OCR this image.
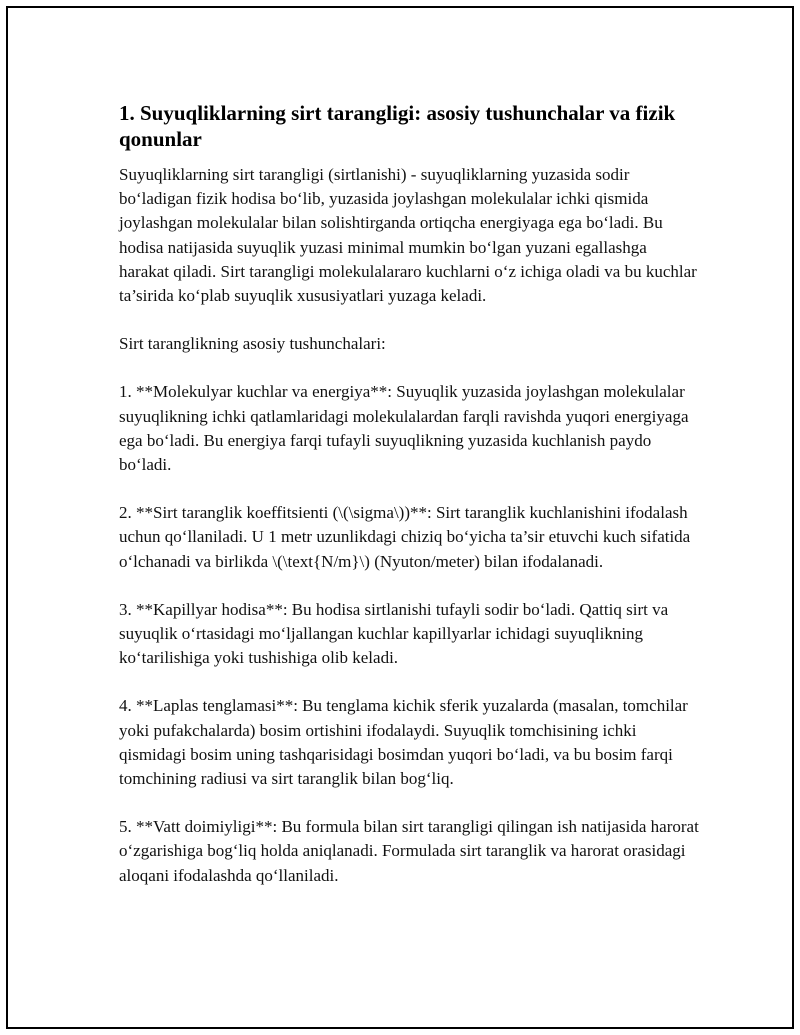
1. Suyuqliklarning sirt tarangligi: asosiy tushunchalar va fizik qonunlar

Suyuqliklarning sirt tarangligi (sirtlanishi) - suyuqliklarning yuzasida sodir bo‘ladigan fizik hodisa bo‘lib, yuzasida joylashgan molekulalar ichki qismida joylashgan molekulalar bilan solishtirganda ortiqcha energiyaga ega bo‘ladi. Bu hodisa natijasida suyuqlik yuzasi minimal mumkin bo‘lgan yuzani egallashga harakat qiladi. Sirt tarangligi molekulalararo kuchlarni o‘z ichiga oladi va bu kuchlar ta’sirida ko‘plab suyuqlik xususiyatlari yuzaga keladi.

Sirt taranglikning asosiy tushunchalari:

1. **Molekulyar kuchlar va energiya**: Suyuqlik yuzasida joylashgan molekulalar suyuqlikning ichki qatlamlaridagi molekulalardan farqli ravishda yuqori energiyaga ega bo‘ladi. Bu energiya farqi tufayli suyuqlikning yuzasida kuchlanish paydo bo‘ladi.

2. **Sirt taranglik koeffitsienti (\(\sigma\))**: Sirt taranglik kuchlanishini ifodalash uchun qo‘llaniladi. U 1 metr uzunlikdagi chiziq bo‘yicha ta’sir etuvchi kuch sifatida o‘lchanadi va birlikda \(\text{N/m}\) (Nyuton/meter) bilan ifodalanadi.

3. **Kapillyar hodisa**: Bu hodisa sirtlanishi tufayli sodir bo‘ladi. Qattiq sirt va suyuqlik o‘rtasidagi mo‘ljallangan kuchlar kapillyarlar ichidagi suyuqlikning ko‘tarilishiga yoki tushishiga olib keladi.

4. **Laplas tenglamasi**: Bu tenglama kichik sferik yuzalarda (masalan, tomchilar yoki pufakchalarda) bosim ortishini ifodalaydi. Suyuqlik tomchisining ichki qismidagi bosim uning tashqarisidagi bosimdan yuqori bo‘ladi, va bu bosim farqi tomchining radiusi va sirt taranglik bilan bog‘liq.

5. **Vatt doimiyligi**: Bu formula bilan sirt tarangligi qilingan ish natijasida harorat o‘zgarishiga bog‘liq holda aniqlanadi. Formulada sirt taranglik va harorat orasidagi aloqani ifodalashda qo‘llaniladi.
